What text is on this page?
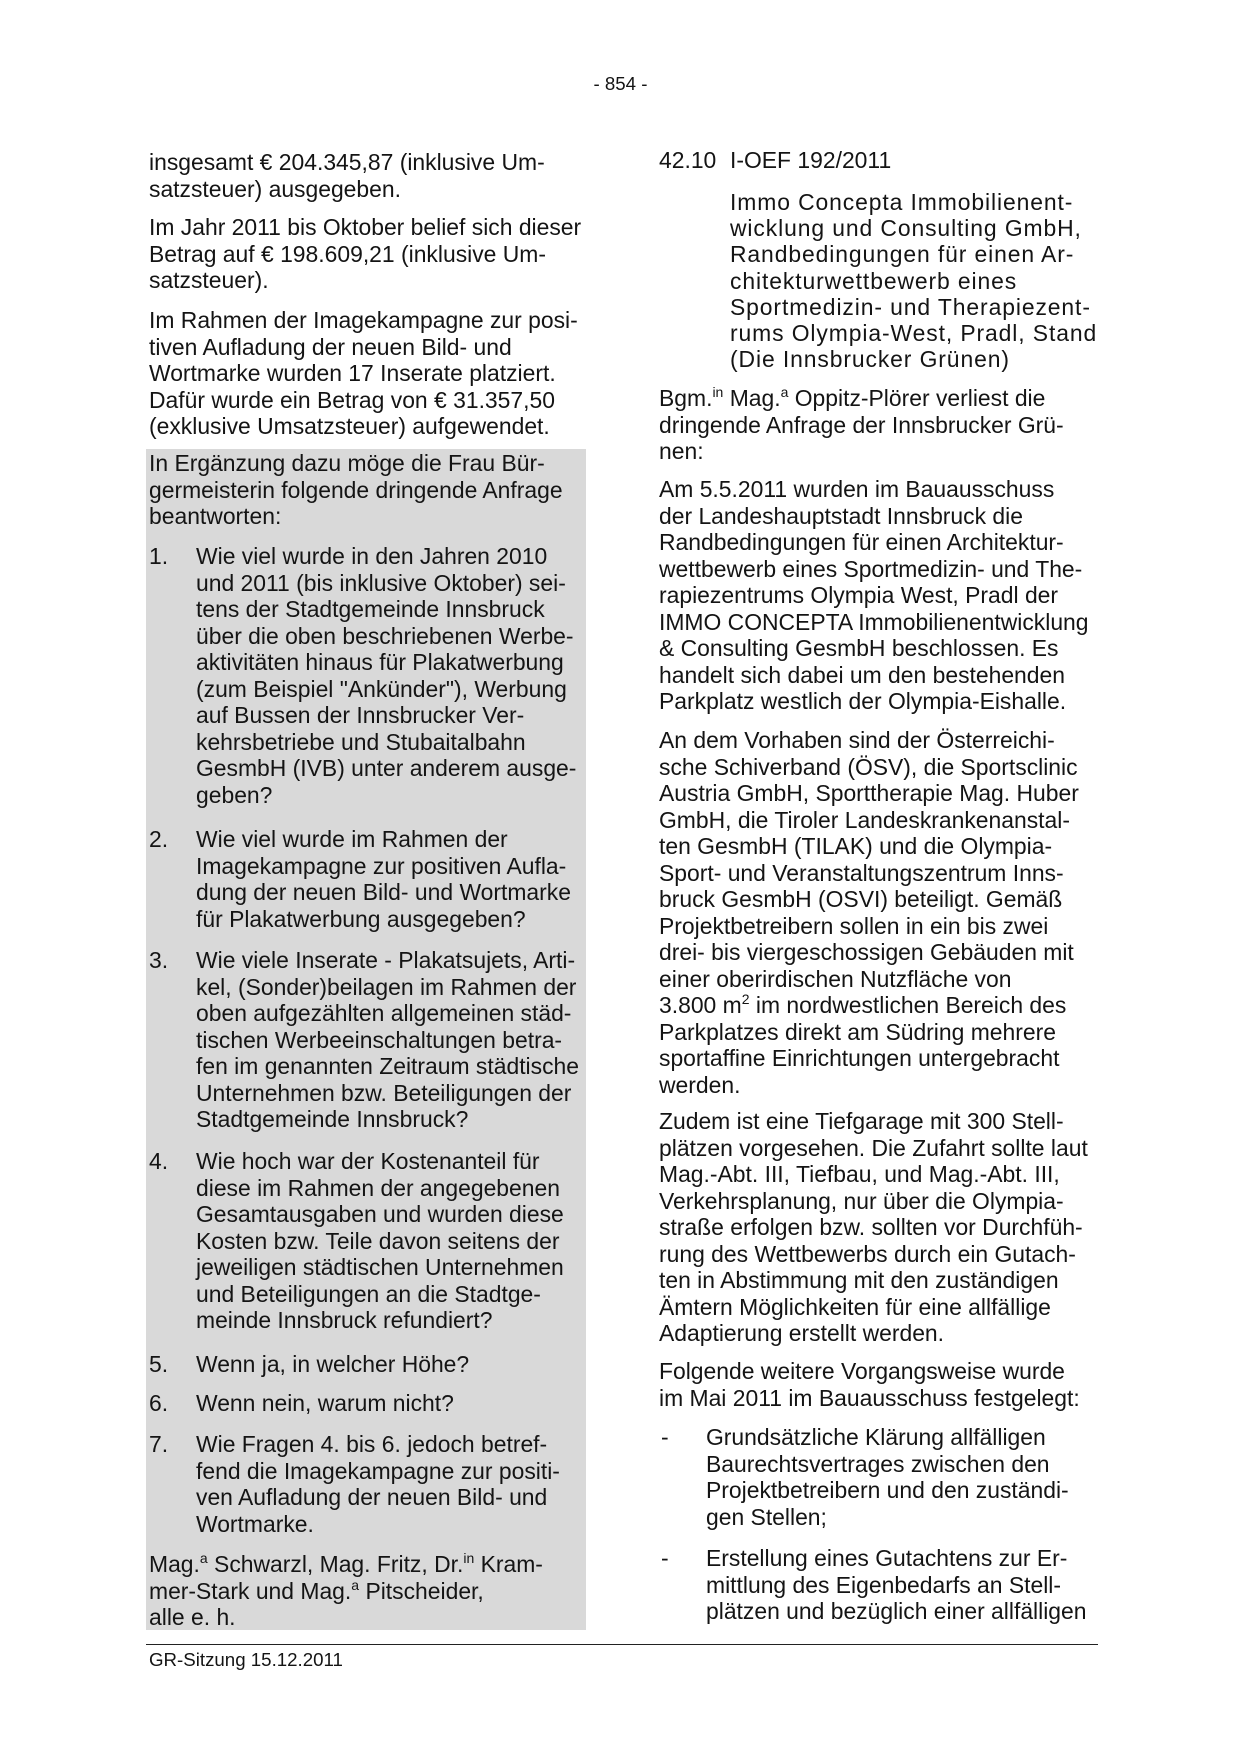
- 854 -
insgesamt € 204.345,87 (inklusive Um-
satzsteuer) ausgegeben.
Im Jahr 2011 bis Oktober belief sich dieser
Betrag auf € 198.609,21 (inklusive Um-
satzsteuer).
Im Rahmen der Imagekampagne zur posi-
tiven Aufladung der neuen Bild- und
Wortmarke wurden 17 Inserate platziert.
Dafür wurde ein Betrag von € 31.357,50
(exklusive Umsatzsteuer) aufgewendet.
In Ergänzung dazu möge die Frau Bür-
germeisterin folgende dringende Anfrage
beantworten:
1. Wie viel wurde in den Jahren 2010
und 2011 (bis inklusive Oktober) sei-
tens der Stadtgemeinde Innsbruck
über die oben beschriebenen Werbe-
aktivitäten hinaus für Plakatwerbung
(zum Beispiel "Ankünder"), Werbung
auf Bussen der Innsbrucker Ver-
kehrsbetriebe und Stubaitalbahn
GesmbH (IVB) unter anderem ausge-
geben?
2. Wie viel wurde im Rahmen der
Imagekampagne zur positiven Aufla-
dung der neuen Bild- und Wortmarke
für Plakatwerbung ausgegeben?
3. Wie viele Inserate - Plakatsujets, Arti-
kel, (Sonder)beilagen im Rahmen der
oben aufgezählten allgemeinen städ-
tischen Werbeeinschaltungen betra-
fen im genannten Zeitraum städtische
Unternehmen bzw. Beteiligungen der
Stadtgemeinde Innsbruck?
4. Wie hoch war der Kostenanteil für
diese im Rahmen der angegebenen
Gesamtausgaben und wurden diese
Kosten bzw. Teile davon seitens der
jeweiligen städtischen Unternehmen
und Beteiligungen an die Stadtge-
meinde Innsbruck refundiert?
5. Wenn ja, in welcher Höhe?
6. Wenn nein, warum nicht?
7. Wie Fragen 4. bis 6. jedoch betref-
fend die Imagekampagne zur positi-
ven Aufladung der neuen Bild- und
Wortmarke.
Mag.$^a$ Schwarzl, Mag. Fritz, Dr.$^{in}$ Kram-
mer-Stark und Mag.$^a$ Pitscheider,
alle e. h.
42.10 I-OEF 192/2011
Immo Concepta Immobilienent-
wicklung und Consulting GmbH,
Randbedingungen für einen Ar-
chitekturwettbewerb eines
Sportmedizin- und Therapiezent-
rums Olympia-West, Pradl, Stand
(Die Innsbrucker Grünen)
Bgm.$^{in}$ Mag.$^a$ Oppitz-Plörer verliest die
dringende Anfrage der Innsbrucker Grü-
nen:
Am 5.5.2011 wurden im Bauausschuss
der Landeshauptstadt Innsbruck die
Randbedingungen für einen Architektur-
wettbewerb eines Sportmedizin- und The-
rapiezentrums Olympia West, Pradl der
IMMO CONCEPTA Immobilienentwicklung
& Consulting GesmbH beschlossen. Es
handelt sich dabei um den bestehenden
Parkplatz westlich der Olympia-Eishalle.
An dem Vorhaben sind der Österreichi-
sche Schiverband (ÖSV), die Sportsclinic
Austria GmbH, Sporttherapie Mag. Huber
GmbH, die Tiroler Landeskrankenanstal-
ten GesmbH (TILAK) und die Olympia-
Sport- und Veranstaltungszentrum Inns-
bruck GesmbH (OSVI) beteiligt. Gemäß
Projektbetreibern sollen in ein bis zwei
drei- bis viergeschossigen Gebäuden mit
einer oberirdischen Nutzfläche von
3.800 $m^2$ im nordwestlichen Bereich des
Parkplatzes direkt am Südring mehrere
sportaffine Einrichtungen untergebracht
werden.
Zudem ist eine Tiefgarage mit 300 Stell-
plätzen vorgesehen. Die Zufahrt sollte laut
Mag.-Abt. III, Tiefbau, und Mag.-Abt. III,
Verkehrsplanung, nur über die Olympia-
straße erfolgen bzw. sollten vor Durchfüh-
rung des Wettbewerbs durch ein Gutach-
ten in Abstimmung mit den zuständigen
Ämtern Möglichkeiten für eine allfällige
Adaptierung erstellt werden.
Folgende weitere Vorgangsweise wurde
im Mai 2011 im Bauausschuss festgelegt:
- Grundsätzliche Klärung allfälligen
Baurechtsvertrages zwischen den
Projektbetreibern und den zuständi-
gen Stellen;
- Erstellung eines Gutachtens zur Er-
mittlung des Eigenbedarfs an Stell-
plätzen und bezüglich einer allfälligen
GR-Sitzung 15.12.2011
